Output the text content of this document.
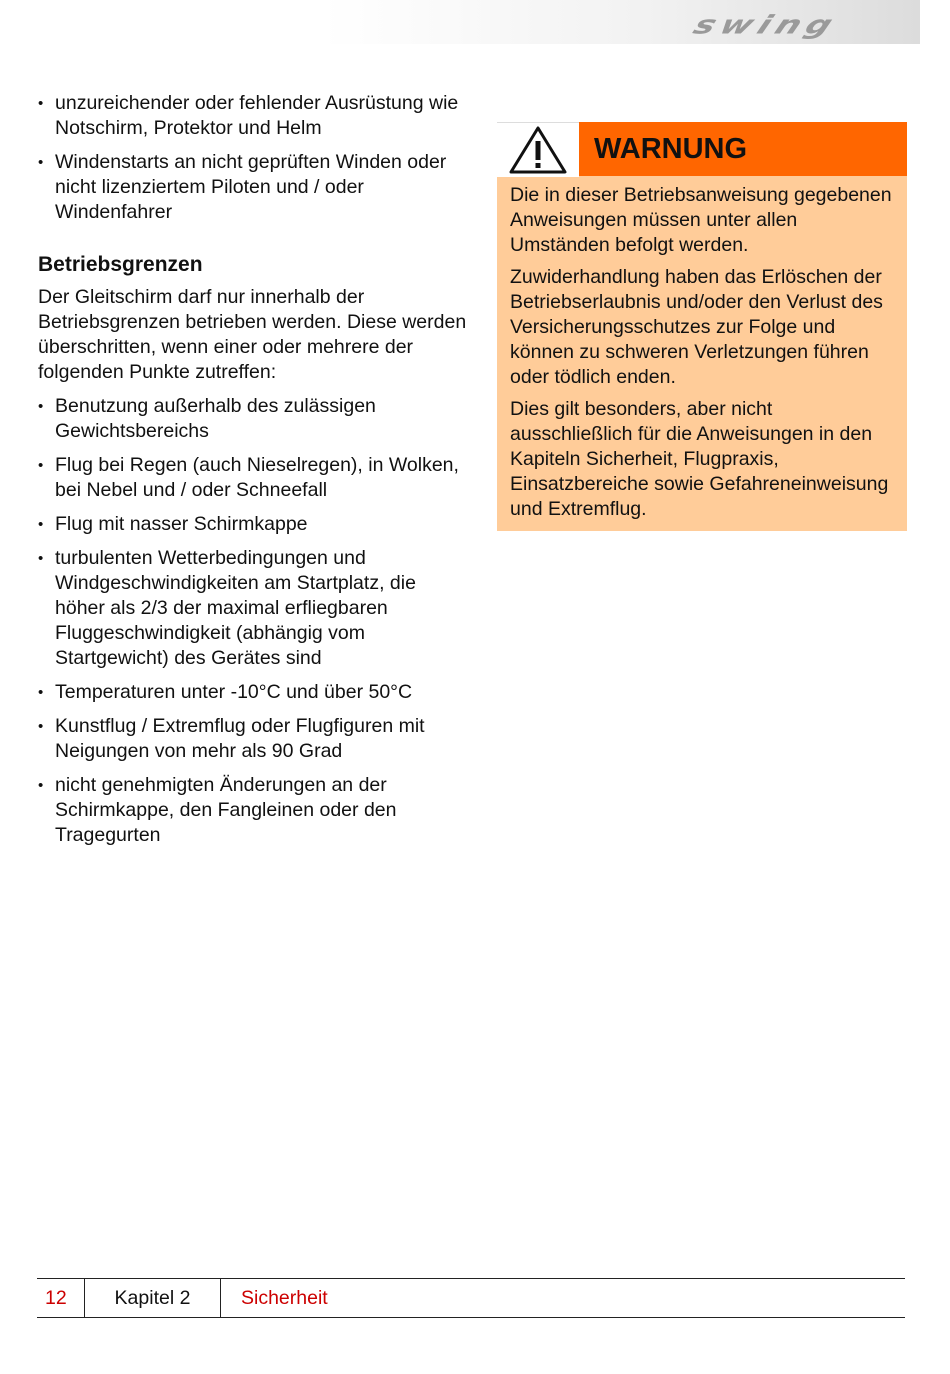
swing
• unzureichender oder fehlender Ausrüstung wie Notschirm, Protektor und Helm
• Windenstarts an nicht geprüften Winden oder nicht lizenziertem Piloten und / oder Windenfahrer
Betriebsgrenzen

Der Gleitschirm darf nur innerhalb der Betriebsgrenzen betrieben werden. Diese werden überschritten, wenn einer oder mehrere der folgenden Punkte zutreffen:

• Benutzung außerhalb des zulässigen Gewichtsbereichs
• Flug bei Regen (auch Nieselregen), in Wolken, bei Nebel und / oder Schneefall
• Flug mit nasser Schirmkappe
• turbulenten Wetterbedingungen und Windgeschwindigkeiten am Startplatz, die höher als 2/3 der maximal erfliegbaren Fluggeschwindigkeit (abhängig vom Startgewicht) des Gerätes sind
• Temperaturen unter -10°C und über 50°C
• Kunstflug / Extremflug oder Flugfiguren mit Neigungen von mehr als 90 Grad
• nicht genehmigten Änderungen an der Schirmkappe, den Fangleinen oder den Tragegurten
WARNUNG

Die in dieser Betriebsanweisung gegebenen Anweisungen müssen unter allen Umständen befolgt werden.

Zuwiderhandlung haben das Erlöschen der Betriebserlaubnis und/oder den Verlust des Versicherungsschutzes zur Folge und können zu schweren Verletzungen führen oder tödlich enden.

Dies gilt besonders, aber nicht ausschließlich für die Anweisungen in den Kapiteln Sicherheit, Flugpraxis, Einsatzbereiche sowie Gefahreneinweisung und Extremflug.

12	Kapitel 2	Sicherheit
